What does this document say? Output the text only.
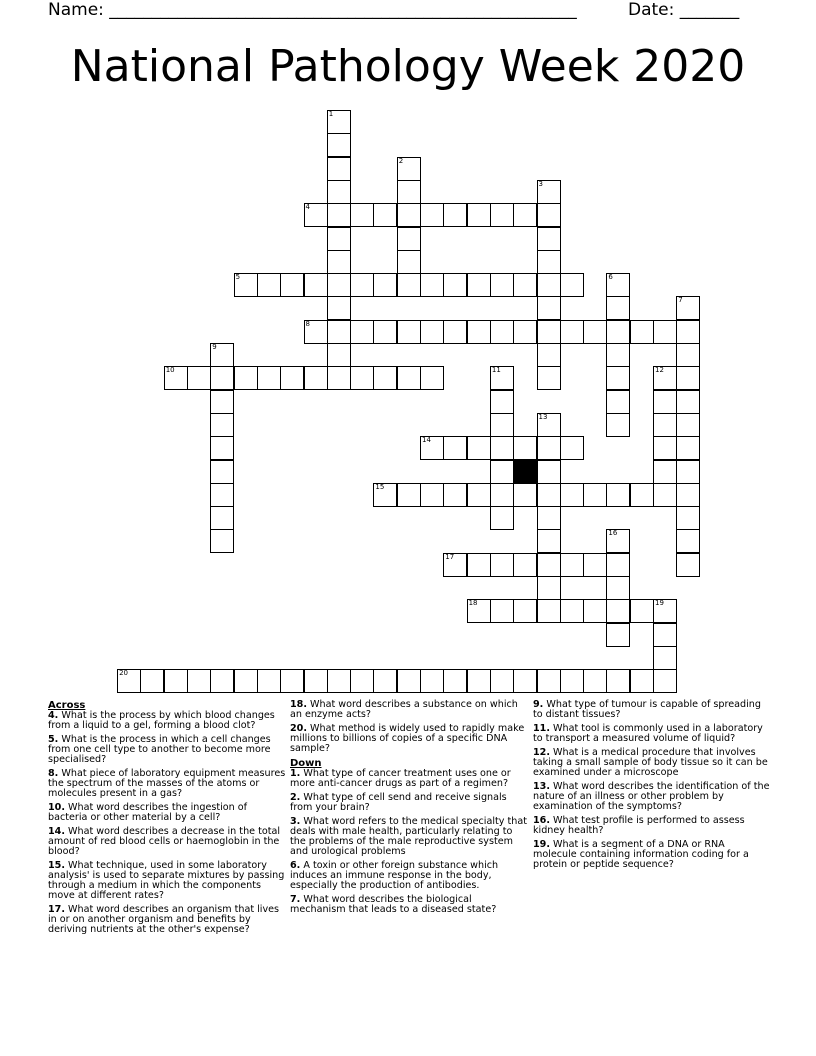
Name: _______________________________________________________	Date: _______
National Pathology Week 2020
1
2
3
4
5	6
7
8
9
10	11	12
13
14
15
16
17
18	19
20
Across

4. What is the process by which blood changes from a liquid to a gel, forming a blood clot?

5. What is the process in which a cell changes from one cell type to another to become more specialised?

8. What piece of laboratory equipment measures the spectrum of the masses of the atoms or molecules present in a gas?

10. What word describes the ingestion of bacteria or other material by a cell?

14. What word describes a decrease in the total amount of red blood cells or haemoglobin in the blood?

15. What technique, used in some laboratory analysis' is used to separate mixtures by passing through a medium in which the components move at different rates?

17. What word describes an organism that lives in or on another organism and benefits by deriving nutrients at the other's expense?

18. What word describes a substance on which an enzyme acts?

20. What method is widely used to rapidly make millions to billions of copies of a specific DNA sample?

Down

1. What type of cancer treatment uses one or more anti-cancer drugs as part of a regimen?

2. What type of cell send and receive signals from your brain?

3. What word refers to the medical specialty that deals with male health, particularly relating to the problems of the male reproductive system and urological problems

6. A toxin or other foreign substance which induces an immune response in the body, especially the production of antibodies.

7. What word describes the biological mechanism that leads to a diseased state?

9. What type of tumour is capable of spreading to distant tissues?

11. What tool is commonly used in a laboratory to transport a measured volume of liquid?

12. What is a medical procedure that involves taking a small sample of body tissue so it can be examined under a microscope

13. What word describes the identification of the nature of an illness or other problem by examination of the symptoms?

16. What test profile is performed to assess kidney health?

19. What is a segment of a DNA or RNA molecule containing information coding for a protein or peptide sequence?
